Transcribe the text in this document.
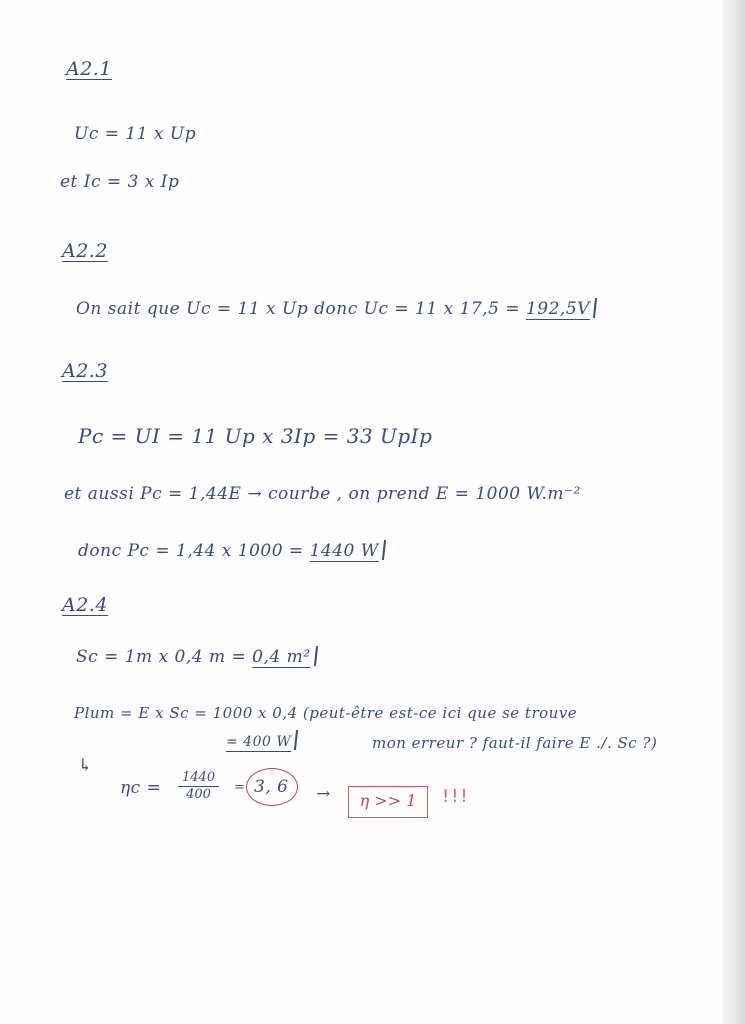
A2.1
Uc = 11 x Up
et Ic = 3 x Ip
A2.2
On sait que Uc = 11 x Up donc Uc = 11 x 17,5 = 192,5V
A2.3
Pc = UI = 11 Up x 3Ip = 33 UpIp
et aussi Pc = 1,44E → courbe , on prend E = 1000 W.m⁻²
donc Pc = 1,44 x 1000 = 1440 W
A2.4
Sc = 1m x 0,4 m = 0,4 m²
Plum = E x Sc = 1000 x 0,4 (peut-être est-ce ici que se trouve
= 400 W	mon erreur ? faut-il faire E ./. Sc ?)
↳
$\eta c = \frac{1440}{400} = 3$, 6 →	η >> 1	!!!
